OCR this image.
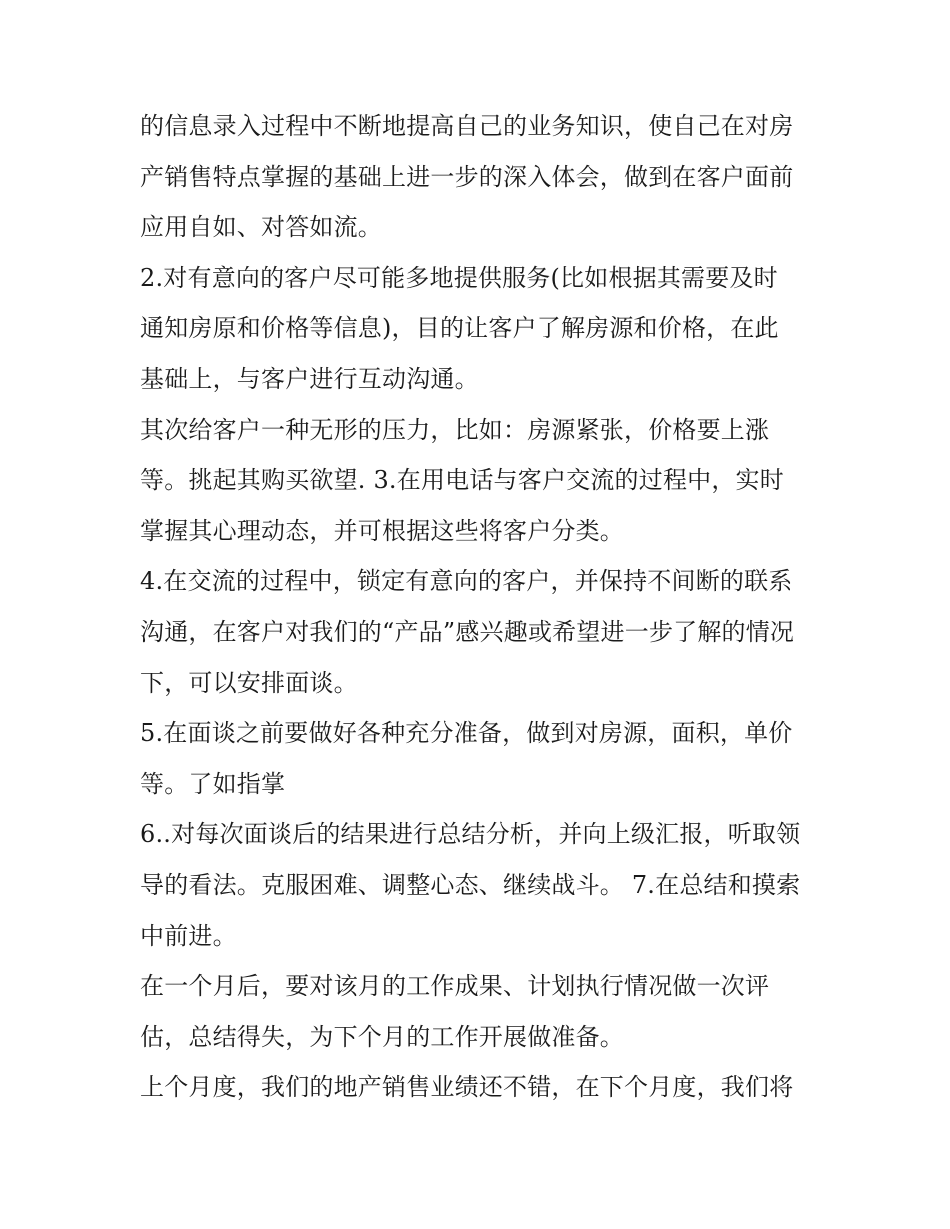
的信息录入过程中不断地提高自己的业务知识，使自己在对房
产销售特点掌握的基础上进一步的深入体会，做到在客户面前
应用自如、对答如流。
2.对有意向的客户尽可能多地提供服务(比如根据其需要及时
通知房原和价格等信息)，目的让客户了解房源和价格，在此
基础上，与客户进行互动沟通。
其次给客户一种无形的压力，比如：房源紧张，价格要上涨
等。挑起其购买欲望. 3.在用电话与客户交流的过程中，实时
掌握其心理动态，并可根据这些将客户分类。
4.在交流的过程中，锁定有意向的客户，并保持不间断的联系
沟通，在客户对我们的“产品”感兴趣或希望进一步了解的情况
下，可以安排面谈。
5.在面谈之前要做好各种充分准备，做到对房源，面积，单价
等。了如指掌
6..对每次面谈后的结果进行总结分析，并向上级汇报，听取领
导的看法。克服困难、调整心态、继续战斗。 7.在总结和摸索
中前进。
在一个月后，要对该月的工作成果、计划执行情况做一次评
估，总结得失，为下个月的工作开展做准备。
上个月度，我们的地产销售业绩还不错，在下个月度，我们将
